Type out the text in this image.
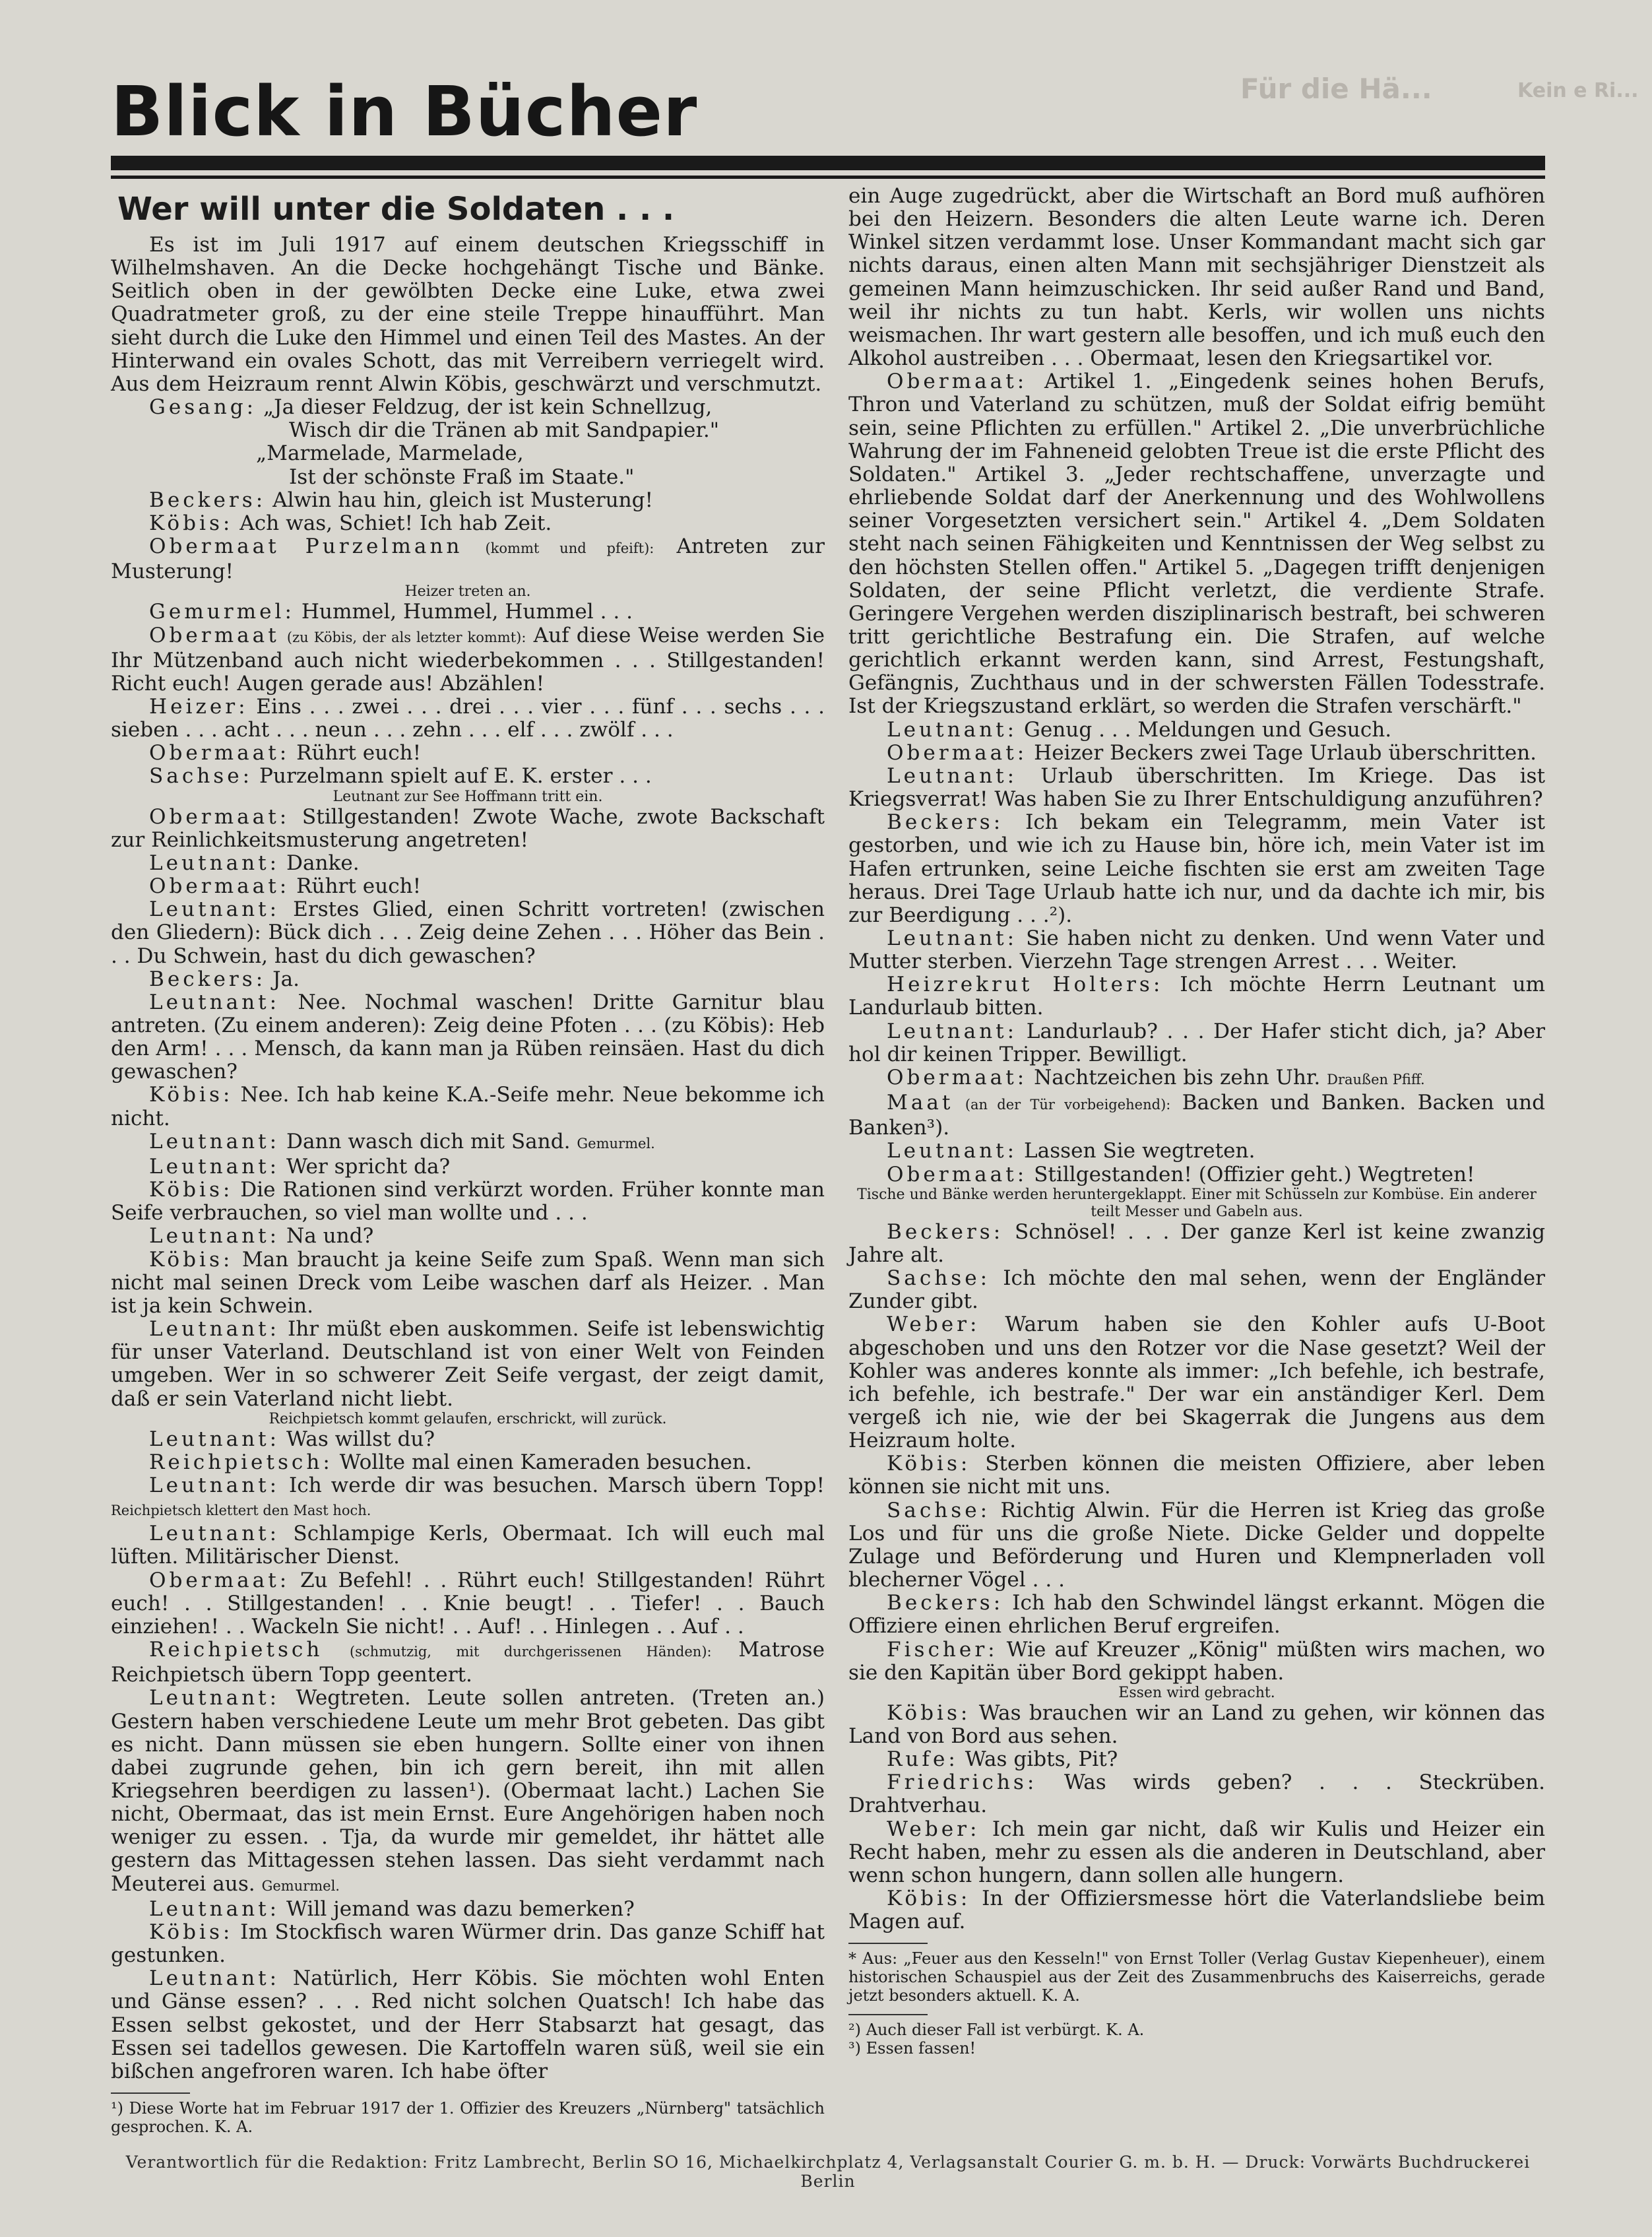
Für die Hä...	Kein e Ri...
Blick in Bücher
Wer will unter die Soldaten . . .

Es ist im Juli 1917 auf einem deutschen Kriegsschiff in Wilhelmshaven. An die Decke hochgehängt Tische und Bänke. Seitlich oben in der gewölbten Decke eine Luke, etwa zwei Quadratmeter groß, zu der eine steile Treppe hinaufführt. Man sieht durch die Luke den Himmel und einen Teil des Mastes. An der Hinterwand ein ovales Schott, das mit Verreibern verriegelt wird. Aus dem Heizraum rennt Alwin Köbis, geschwärzt und verschmutzt.

Gesang: „Ja dieser Feldzug, der ist kein Schnellzug,
Wisch dir die Tränen ab mit Sandpapier."
„Marmelade, Marmelade,
Ist der schönste Fraß im Staate."

Beckers: Alwin hau hin, gleich ist Musterung!

Köbis: Ach was, Schiet! Ich hab Zeit.

Obermaat Purzelmann (kommt und pfeift): Antreten zur Musterung!

Heizer treten an.

Gemurmel: Hummel, Hummel, Hummel . . .

Obermaat (zu Köbis, der als letzter kommt): Auf diese Weise werden Sie Ihr Mützenband auch nicht wiederbekommen . . . Stillgestanden! Richt euch! Augen gerade aus! Abzählen!

Heizer: Eins . . . zwei . . . drei . . . vier . . . fünf . . . sechs . . . sieben . . . acht . . . neun . . . zehn . . . elf . . . zwölf . . .

Obermaat: Rührt euch!

Sachse: Purzelmann spielt auf E. K. erster . . .

Leutnant zur See Hoffmann tritt ein.

Obermaat: Stillgestanden! Zwote Wache, zwote Backschaft zur Reinlichkeitsmusterung angetreten!

Leutnant: Danke.

Obermaat: Rührt euch!

Leutnant: Erstes Glied, einen Schritt vortreten! (zwischen den Gliedern): Bück dich . . . Zeig deine Zehen . . . Höher das Bein . . . Du Schwein, hast du dich gewaschen?

Beckers: Ja.

Leutnant: Nee. Nochmal waschen! Dritte Garnitur blau antreten. (Zu einem anderen): Zeig deine Pfoten . . . (zu Köbis): Heb den Arm! . . . Mensch, da kann man ja Rüben reinsäen. Hast du dich gewaschen?

Köbis: Nee. Ich hab keine K.A.-Seife mehr. Neue bekomme ich nicht.

Leutnant: Dann wasch dich mit Sand. Gemurmel.

Leutnant: Wer spricht da?

Köbis: Die Rationen sind verkürzt worden. Früher konnte man Seife verbrauchen, so viel man wollte und . . .

Leutnant: Na und?

Köbis: Man braucht ja keine Seife zum Spaß. Wenn man sich nicht mal seinen Dreck vom Leibe waschen darf als Heizer. . Man ist ja kein Schwein.

Leutnant: Ihr müßt eben auskommen. Seife ist lebenswichtig für unser Vaterland. Deutschland ist von einer Welt von Feinden umgeben. Wer in so schwerer Zeit Seife vergast, der zeigt damit, daß er sein Vaterland nicht liebt.

Reichpietsch kommt gelaufen, erschrickt, will zurück.

Leutnant: Was willst du?

Reichpietsch: Wollte mal einen Kameraden besuchen.

Leutnant: Ich werde dir was besuchen. Marsch übern Topp! Reichpietsch klettert den Mast hoch.

Leutnant: Schlampige Kerls, Obermaat. Ich will euch mal lüften. Militärischer Dienst.

Obermaat: Zu Befehl! . . Rührt euch! Stillgestanden! Rührt euch! . . Stillgestanden! . . Knie beugt! . . Tiefer! . . Bauch einziehen! . . Wackeln Sie nicht! . . Auf! . . Hinlegen . . Auf . .

Reichpietsch (schmutzig, mit durchgerissenen Händen): Matrose Reichpietsch übern Topp geentert.

Leutnant: Wegtreten. Leute sollen antreten. (Treten an.) Gestern haben verschiedene Leute um mehr Brot gebeten. Das gibt es nicht. Dann müssen sie eben hungern. Sollte einer von ihnen dabei zugrunde gehen, bin ich gern bereit, ihn mit allen Kriegsehren beerdigen zu lassen¹). (Obermaat lacht.) Lachen Sie nicht, Obermaat, das ist mein Ernst. Eure Angehörigen haben noch weniger zu essen. . Tja, da wurde mir gemeldet, ihr hättet alle gestern das Mittagessen stehen lassen. Das sieht verdammt nach Meuterei aus. Gemurmel.

Leutnant: Will jemand was dazu bemerken?

Köbis: Im Stockfisch waren Würmer drin. Das ganze Schiff hat gestunken.

Leutnant: Natürlich, Herr Köbis. Sie möchten wohl Enten und Gänse essen? . . . Red nicht solchen Quatsch! Ich habe das Essen selbst gekostet, und der Herr Stabsarzt hat gesagt, das Essen sei tadellos gewesen. Die Kartoffeln waren süß, weil sie ein bißchen angefroren waren. Ich habe öfter

¹) Diese Worte hat im Februar 1917 der 1. Offizier des Kreuzers „Nürnberg" tatsächlich gesprochen. K. A.

ein Auge zugedrückt, aber die Wirtschaft an Bord muß aufhören bei den Heizern. Besonders die alten Leute warne ich. Deren Winkel sitzen verdammt lose. Unser Kommandant macht sich gar nichts daraus, einen alten Mann mit sechsjähriger Dienstzeit als gemeinen Mann heimzuschicken. Ihr seid außer Rand und Band, weil ihr nichts zu tun habt. Kerls, wir wollen uns nichts weismachen. Ihr wart gestern alle besoffen, und ich muß euch den Alkohol austreiben . . . Obermaat, lesen den Kriegsartikel vor.

Obermaat: Artikel 1. „Eingedenk seines hohen Berufs, Thron und Vaterland zu schützen, muß der Soldat eifrig bemüht sein, seine Pflichten zu erfüllen." Artikel 2. „Die unverbrüchliche Wahrung der im Fahneneid gelobten Treue ist die erste Pflicht des Soldaten." Artikel 3. „Jeder rechtschaffene, unverzagte und ehrliebende Soldat darf der Anerkennung und des Wohlwollens seiner Vorgesetzten versichert sein." Artikel 4. „Dem Soldaten steht nach seinen Fähigkeiten und Kenntnissen der Weg selbst zu den höchsten Stellen offen." Artikel 5. „Dagegen trifft denjenigen Soldaten, der seine Pflicht verletzt, die verdiente Strafe. Geringere Vergehen werden disziplinarisch bestraft, bei schweren tritt gerichtliche Bestrafung ein. Die Strafen, auf welche gerichtlich erkannt werden kann, sind Arrest, Festungshaft, Gefängnis, Zuchthaus und in der schwersten Fällen Todesstrafe. Ist der Kriegszustand erklärt, so werden die Strafen verschärft."

Leutnant: Genug . . . Meldungen und Gesuch.

Obermaat: Heizer Beckers zwei Tage Urlaub überschritten.

Leutnant: Urlaub überschritten. Im Kriege. Das ist Kriegsverrat! Was haben Sie zu Ihrer Entschuldigung anzuführen?

Beckers: Ich bekam ein Telegramm, mein Vater ist gestorben, und wie ich zu Hause bin, höre ich, mein Vater ist im Hafen ertrunken, seine Leiche fischten sie erst am zweiten Tage heraus. Drei Tage Urlaub hatte ich nur, und da dachte ich mir, bis zur Beerdigung . . .²).

Leutnant: Sie haben nicht zu denken. Und wenn Vater und Mutter sterben. Vierzehn Tage strengen Arrest . . . Weiter.

Heizrekrut Holters: Ich möchte Herrn Leutnant um Landurlaub bitten.

Leutnant: Landurlaub? . . . Der Hafer sticht dich, ja? Aber hol dir keinen Tripper. Bewilligt.

Obermaat: Nachtzeichen bis zehn Uhr. Draußen Pfiff.

Maat (an der Tür vorbeigehend): Backen und Banken. Backen und Banken³).

Leutnant: Lassen Sie wegtreten.

Obermaat: Stillgestanden! (Offizier geht.) Wegtreten!

Tische und Bänke werden heruntergeklappt. Einer mit Schüsseln zur Kombüse. Ein anderer teilt Messer und Gabeln aus.

Beckers: Schnösel! . . . Der ganze Kerl ist keine zwanzig Jahre alt.

Sachse: Ich möchte den mal sehen, wenn der Engländer Zunder gibt.

Weber: Warum haben sie den Kohler aufs U-Boot abgeschoben und uns den Rotzer vor die Nase gesetzt? Weil der Kohler was anderes konnte als immer: „Ich befehle, ich bestrafe, ich befehle, ich bestrafe." Der war ein anständiger Kerl. Dem vergeß ich nie, wie der bei Skagerrak die Jungens aus dem Heizraum holte.

Köbis: Sterben können die meisten Offiziere, aber leben können sie nicht mit uns.

Sachse: Richtig Alwin. Für die Herren ist Krieg das große Los und für uns die große Niete. Dicke Gelder und doppelte Zulage und Beförderung und Huren und Klempnerladen voll blecherner Vögel . . .

Beckers: Ich hab den Schwindel längst erkannt. Mögen die Offiziere einen ehrlichen Beruf ergreifen.

Fischer: Wie auf Kreuzer „König" müßten wirs machen, wo sie den Kapitän über Bord gekippt haben.

Essen wird gebracht.

Köbis: Was brauchen wir an Land zu gehen, wir können das Land von Bord aus sehen.

Rufe: Was gibts, Pit?

Friedrichs: Was wirds geben? . . . Steckrüben. Drahtverhau.

Weber: Ich mein gar nicht, daß wir Kulis und Heizer ein Recht haben, mehr zu essen als die anderen in Deutschland, aber wenn schon hungern, dann sollen alle hungern.

Köbis: In der Offiziersmesse hört die Vaterlandsliebe beim Magen auf.

* Aus: „Feuer aus den Kesseln!" von Ernst Toller (Verlag Gustav Kiepenheuer), einem historischen Schauspiel aus der Zeit des Zusammenbruchs des Kaiserreichs, gerade jetzt besonders aktuell. K. A.

²) Auch dieser Fall ist verbürgt. K. A.

³) Essen fassen!

Verantwortlich für die Redaktion: Fritz Lambrecht, Berlin SO 16, Michaelkirchplatz 4, Verlagsanstalt Courier G. m. b. H. — Druck: Vorwärts Buchdruckerei Berlin
